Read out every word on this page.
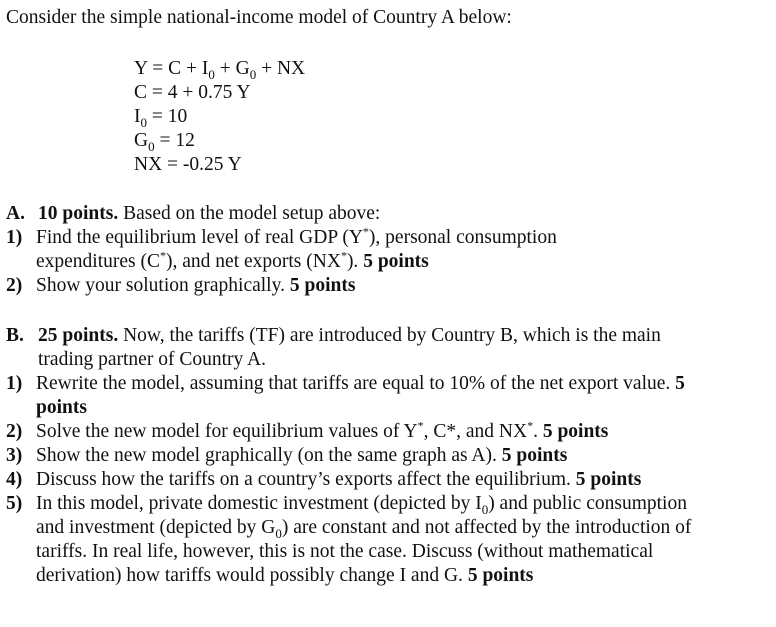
Consider the simple national-income model of Country A below:
$Y = C + I_0 + G_0$ + NX
C = 4 + 0.75 Y
$I_0 = 10$
$G_0 = 12$
NX = -0.25 Y
A. 10 points. Based on the model setup above:
1) Find the equilibrium level of real GDP (Y*), personal consumption expenditures (C*), and net exports (NX*). 5 points
2) Show your solution graphically. 5 points
B. 25 points. Now, the tariffs (TF) are introduced by Country B, which is the main
trading partner of Country A.
1) Rewrite the model, assuming that tariffs are equal to 10% of the net export value. 5 points
2) Solve the new model for equilibrium values of Y*, C*, and NX*. 5 points
3) Show the new model graphically (on the same graph as A). 5 points
4) Discuss how the tariffs on a country’s exports affect the equilibrium. 5 points
5) In this model, private domestic investment (depicted by $I_0$) and public consumption and investment (depicted by $G_0$) are constant and not affected by the introduction of tariffs. In real life, however, this is not the case. Discuss (without mathematical derivation) how tariffs would possibly change I and G. 5 points
